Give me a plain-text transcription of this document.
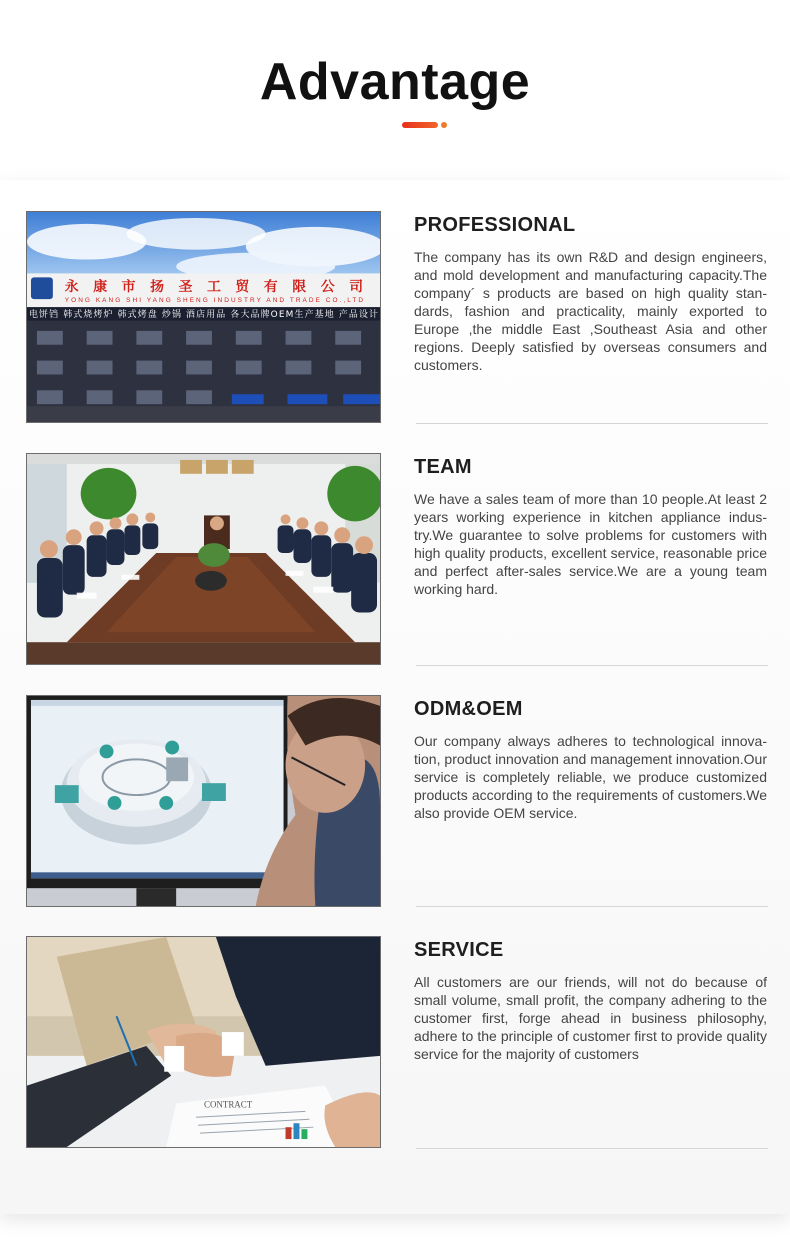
Advantage
永康市扬圣工贸有限公司
YONG KANG SHI YANG SHENG INDUSTRY AND TRADE CO.,LTD
电饼铛 韩式烧烤炉 韩式烤盘 炒锅 酒店用品 各大品牌OEM生产基地 产品设计
PROFESSIONAL
The company has its own R&D and design engineers, and mold development and manufacturing capacity.The company´ s products are based on high quality standards, fashion and practicality, mainly exported to Europe ,the middle East ,Southeast Asia and other regions. Deeply satisfied by overseas consumers and customers.
TEAM
We have a sales team of more than 10 people.At least 2 years working experience in kitchen appliance industry.We guarantee to solve problems for customers with high quality products, excellent service, reasonable price and perfect after-sales service.We are a young team working hard.
ODM&OEM
Our company always adheres to technological innovation, product innovation and management innovation.Our service is completely reliable, we produce customized products according to the requirements of customers.We also provide OEM service.
CONTRACT
SERVICE
All customers are our friends, will not do because of small volume, small profit, the company adhering to the customer first, forge ahead in business philosophy, adhere to the principle of customer first to provide quality service for the majority of customers
